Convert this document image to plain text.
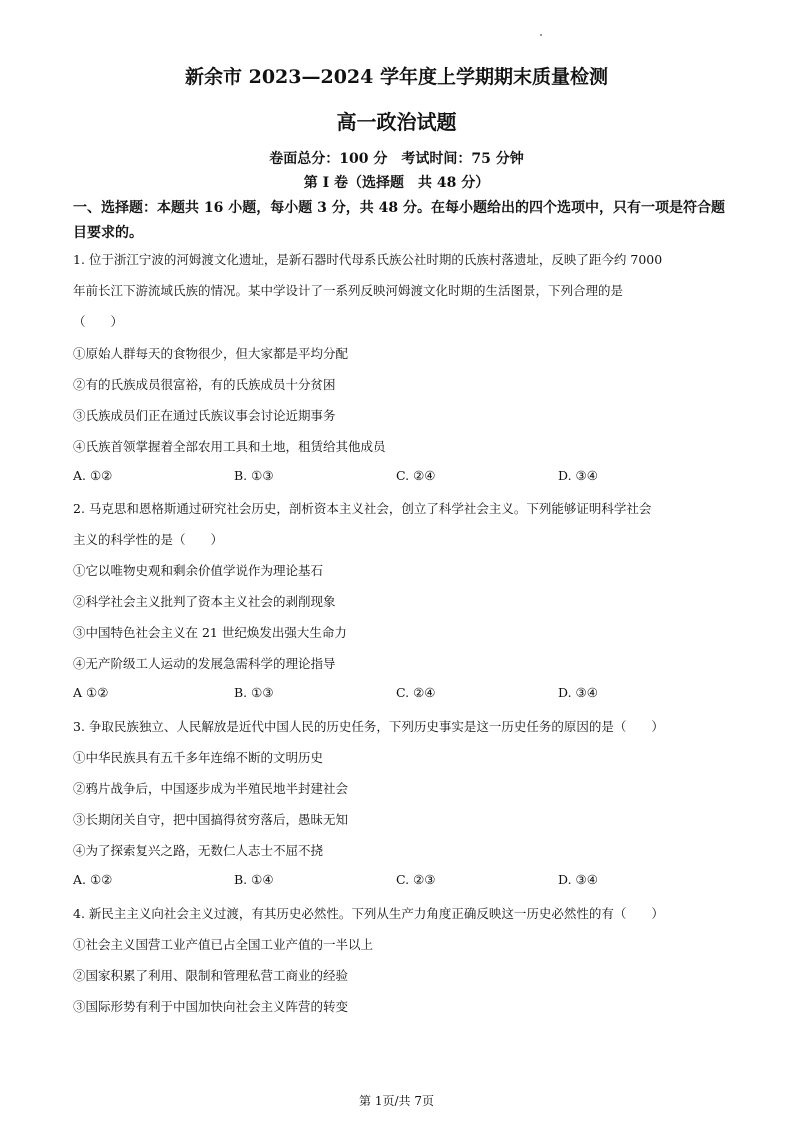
新余市 2023—2024 学年度上学期期末质量检测
高一政治试题
卷面总分：100 分　考试时间：75 分钟
第 I 卷（选择题　共 48 分）
一、选择题：本题共 16 小题，每小题 3 分，共 48 分。在每小题给出的四个选项中，只有一项是符合题目要求的。
1. 位于浙江宁波的河姆渡文化遗址，是新石器时代母系氏族公社时期的氏族村落遗址，反映了距今约 7000
年前长江下游流域氏族的情况。某中学设计了一系列反映河姆渡文化时期的生活图景，下列合理的是
（　　）
①原始人群每天的食物很少，但大家都是平均分配
②有的氏族成员很富裕，有的氏族成员十分贫困
③氏族成员们正在通过氏族议事会讨论近期事务
④氏族首领掌握着全部农用工具和土地，租赁给其他成员
A. ①②	B. ①③	C. ②④	D. ③④
2. 马克思和恩格斯通过研究社会历史，剖析资本主义社会，创立了科学社会主义。下列能够证明科学社会
主义的科学性的是（　　）
①它以唯物史观和剩余价值学说作为理论基石
②科学社会主义批判了资本主义社会的剥削现象
③中国特色社会主义在 21 世纪焕发出强大生命力
④无产阶级工人运动的发展急需科学的理论指导
A ①②	B. ①③	C. ②④	D. ③④
3. 争取民族独立、人民解放是近代中国人民的历史任务，下列历史事实是这一历史任务的原因的是（　　）
①中华民族具有五千多年连绵不断的文明历史
②鸦片战争后，中国逐步成为半殖民地半封建社会
③长期闭关自守，把中国搞得贫穷落后，愚昧无知
④为了探索复兴之路，无数仁人志士不屈不挠
A. ①②	B. ①④	C. ②③	D. ③④
4. 新民主主义向社会主义过渡，有其历史必然性。下列从生产力角度正确反映这一历史必然性的有（　　）
①社会主义国营工业产值已占全国工业产值的一半以上
②国家积累了利用、限制和管理私营工商业的经验
③国际形势有利于中国加快向社会主义阵营的转变
第 1页/共 7页
